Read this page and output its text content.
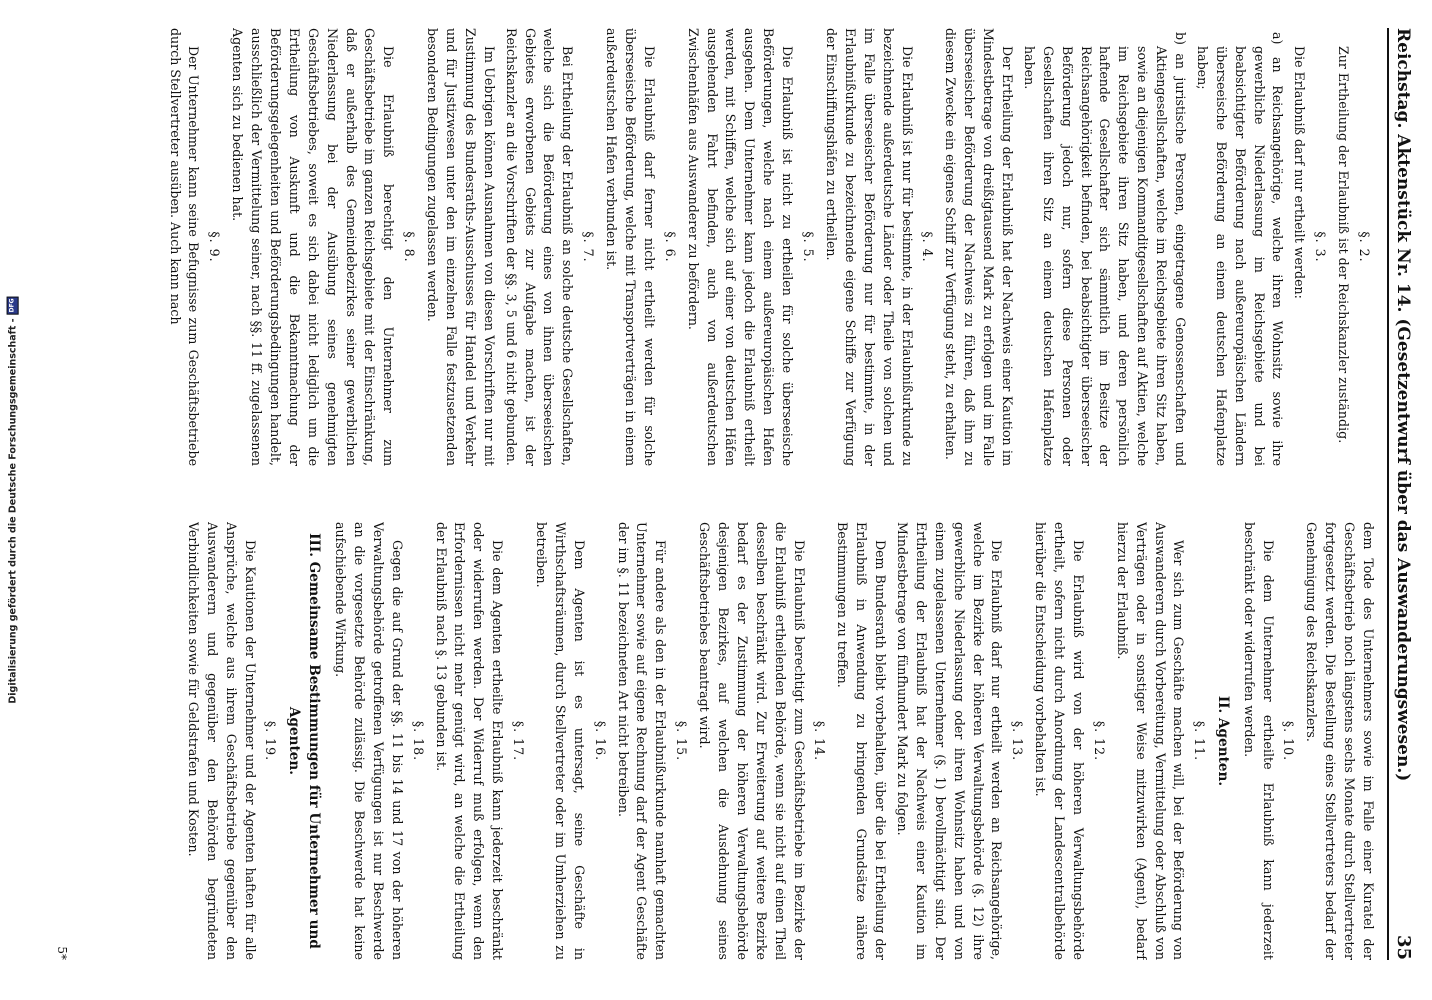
Digitalisierung gefördert durch die Deutsche Forschungsgemeinschaft -
DFG	Reichstag. Aktenstück Nr. 14. (Gesetzentwurf über das Auswanderungswesen.)
35
§. 2.

Zur Ertheilung der Erlaubniß ist der Reichskanzler zuständig.

§. 3.

Die Erlaubniß darf nur ertheilt werden:

a) an Reichsangehörige, welche ihren Wohnsitz sowie ihre gewerbliche Niederlassung im Reichsgebiete und bei beabsichtigter Beförderung nach außereuropäischen Ländern überseeische Beförderung an einem deutschen Hafenplatze haben;
b) an juristische Personen, eingetragene Genossenschaften und Aktiengesellschaften, welche im Reichsgebiete ihren Sitz haben, sowie an diejenigen Kommanditgesellschaften auf Aktien, welche im Reichsgebiete ihren Sitz haben, und deren persönlich haftende Gesellschafter sich sämmtlich im Besitze der Reichsangehörigkeit befinden, bei beabsichtigter überseeischer Beförderung jedoch nur, sofern diese Personen oder Gesellschaften ihren Sitz an einem deutschen Hafenplatze haben.

Der Ertheilung der Erlaubniß hat der Nachweis einer Kaution im Mindestbetrage von dreißigtausend Mark zu erfolgen und im Falle überseeischer Beförderung der Nachweis zu führen, daß ihm zu diesem Zwecke ein eigenes Schiff zur Verfügung steht, zu erhalten.

§. 4.

Die Erlaubniß ist nur für bestimmte, in der Erlaubnißurkunde zu bezeichnende außerdeutsche Länder oder Theile von solchen und im Falle überseeischer Beförderung nur für bestimmte, in der Erlaubnißurkunde zu bezeichnende eigene Schiffe zur Verfügung der Einschiffungshäfen zu ertheilen.

§. 5.

Die Erlaubniß ist nicht zu ertheilen für solche überseeische Beförderungen, welche nach einem außereuropäischen Hafen ausgehen. Dem Unternehmer kann jedoch die Erlaubniß ertheilt werden, mit Schiffen, welche sich auf einer von deutschen Häfen ausgehenden Fahrt befinden, auch von außerdeutschen Zwischenhäfen aus Auswanderer zu befördern.

§. 6.

Die Erlaubniß darf ferner nicht ertheilt werden für solche überseeische Beförderung, welche mit Transportverträgen in einem außerdeutschen Hafen verbunden ist.

§. 7.

Bei Ertheilung der Erlaubniß an solche deutsche Gesellschaften, welche sich die Beförderung eines von ihnen überseeischen Gebietes erworbenen Gebiets zur Aufgabe machen, ist der Reichskanzler an die Vorschriften der §§. 3, 5 und 6 nicht gebunden.

Im Uebrigen können Ausnahmen von diesen Vorschriften nur mit Zustimmung des Bundesraths-Ausschusses für Handel und Verkehr und für Justizwesen unter den im einzelnen Falle festzusetzenden besonderen Bedingungen zugelassen werden.

§. 8.

Die Erlaubniß berechtigt den Unternehmer zum Geschäftsbetriebe im ganzen Reichsgebiete mit der Einschränkung, daß er außerhalb des Gemeindebezirkes seiner gewerblichen Niederlassung bei der Ausübung seines genehmigten Geschäftsbetriebes, soweit es sich dabei nicht lediglich um die Ertheilung von Auskunft und die Bekanntmachung der Beförderungsgelegenheiten und Beförderungsbedingungen handelt, ausschließlich der Vermittelung seiner, nach §§. 11 ff. zugelassenen Agenten sich zu bedienen hat.

§. 9.

Der Unternehmer kann seine Befugnisse zum Geschäftsbetriebe durch Stellvertreter ausüben. Auch kann nach

dem Tode des Unternehmers sowie im Falle einer Kuratel der Geschäftsbetrieb noch längstens sechs Monate durch Stellvertreter fortgesetzt werden. Die Bestellung eines Stellvertreters bedarf der Genehmigung des Reichskanzlers.

§. 10.

Die dem Unternehmer ertheilte Erlaubniß kann jederzeit beschränkt oder widerrufen werden.

II. Agenten.
§. 11.

Wer sich zum Geschäfte machen will, bei der Beförderung von Auswanderern durch Vorbereitung, Vermittelung oder Abschluß von Verträgen oder in sonstiger Weise mitzuwirken (Agent), bedarf hierzu der Erlaubniß.

§. 12.

Die Erlaubniß wird von der höheren Verwaltungsbehörde ertheilt, sofern nicht durch Anordnung der Landescentralbehörde hierüber die Entscheidung vorbehalten ist.

§. 13.

Die Erlaubniß darf nur ertheilt werden an Reichsangehörige, welche im Bezirke der höheren Verwaltungsbehörde (§. 12) ihre gewerbliche Niederlassung oder ihren Wohnsitz haben und von einem zugelassenen Unternehmer (§. 1) bevollmächtigt sind. Der Ertheilung der Erlaubniß hat der Nachweis einer Kaution im Mindestbetrage von fünfhundert Mark zu folgen.

Dem Bundesrath bleibt vorbehalten, über die bei Ertheilung der Erlaubniß in Anwendung zu bringenden Grundsätze nähere Bestimmungen zu treffen.

§. 14.

Die Erlaubniß berechtigt zum Geschäftsbetriebe im Bezirke der die Erlaubniß ertheilenden Behörde, wenn sie nicht auf einen Theil desselben beschränkt wird. Zur Erweiterung auf weitere Bezirke bedarf es der Zustimmung der höheren Verwaltungsbehörde desjenigen Bezirkes, auf welchen die Ausdehnung seines Geschäftsbetriebes beantragt wird.

§. 15.

Für andere als den in der Erlaubnißurkunde namhaft gemachten Unternehmer sowie auf eigene Rechnung darf der Agent Geschäfte der im §. 11 bezeichneten Art nicht betreiben.

§. 16.

Dem Agenten ist es untersagt, seine Geschäfte in Wirthschaftsräumen, durch Stellvertreter oder im Umherziehen zu betreiben.

§. 17.

Die dem Agenten ertheilte Erlaubniß kann jederzeit beschränkt oder widerrufen werden. Der Widerruf muß erfolgen, wenn den Erfordernissen nicht mehr genügt wird, an welche die Ertheilung der Erlaubniß nach §. 13 gebunden ist.

§. 18.

Gegen die auf Grund der §§. 11 bis 14 und 17 von der höheren Verwaltungsbehörde getroffenen Verfügungen ist nur Beschwerde an die vorgesetzte Behörde zulässig. Die Beschwerde hat keine aufschiebende Wirkung.

III. Gemeinsame Bestimmungen für Unternehmer und Agenten.
§. 19.

Die Kautionen der Unternehmer und der Agenten haften für alle Ansprüche, welche aus ihrem Geschäftsbetriebe gegenüber den Auswanderern und gegenüber den Behörden begründeten Verbindlichkeiten sowie für Geldstrafen und Kosten.

5*
